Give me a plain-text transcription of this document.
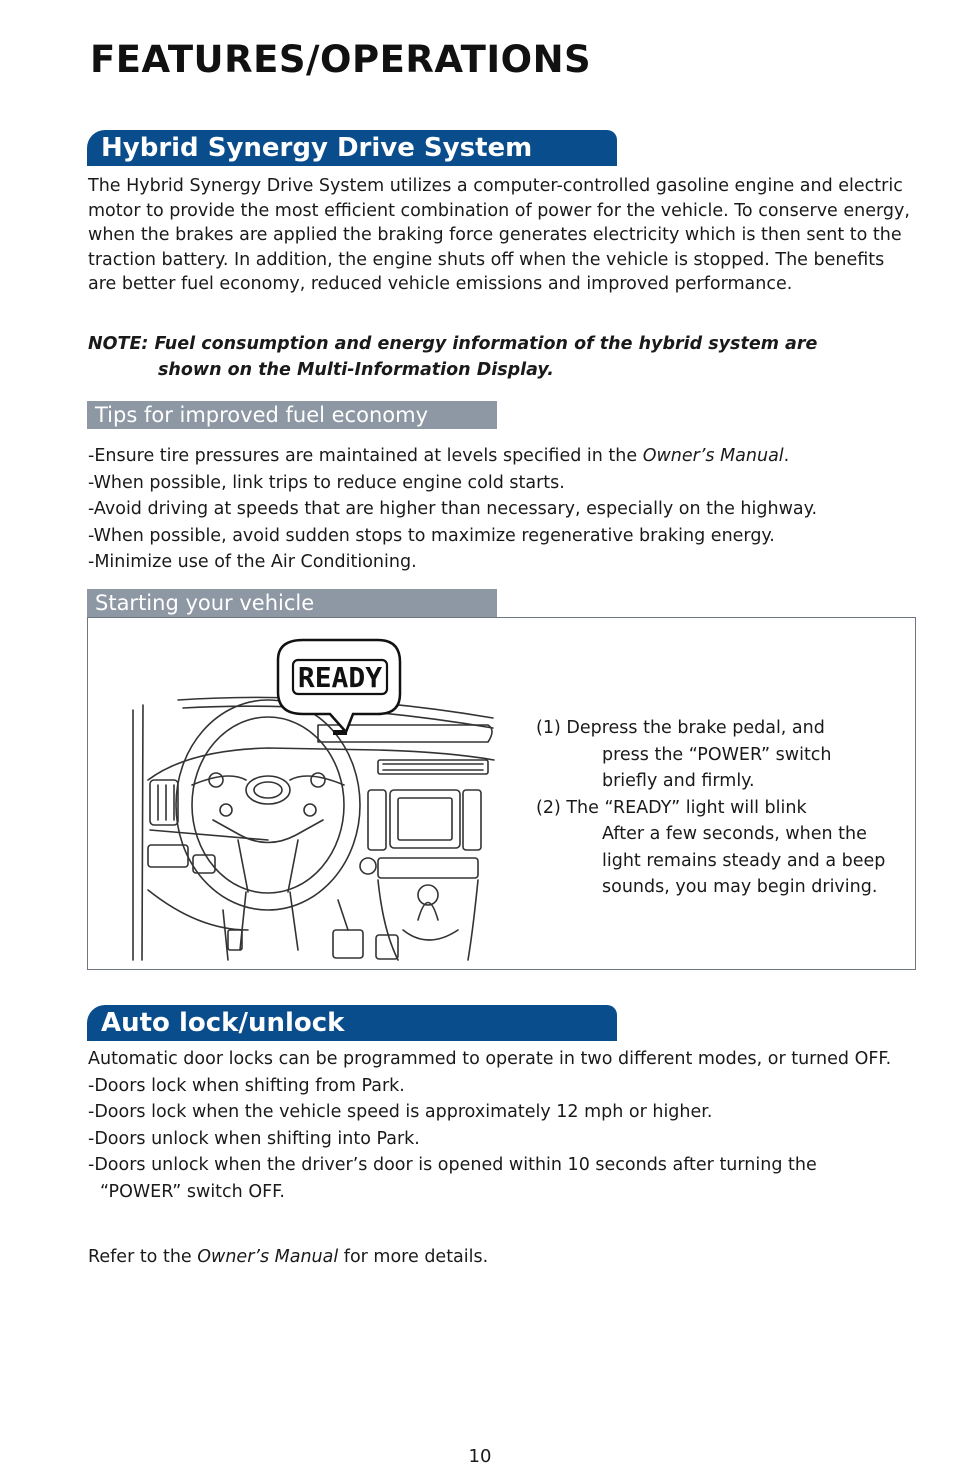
FEATURES/OPERATIONS
Hybrid Synergy Drive System

The Hybrid Synergy Drive System utilizes a computer-controlled gasoline engine and electric motor to provide the most efficient combination of power for the vehicle. To conserve energy, when the brakes are applied the braking force generates electricity which is then sent to the traction battery. In addition, the engine shuts off when the vehicle is stopped. The benefits are better fuel economy, reduced vehicle emissions and improved performance.

NOTE: Fuel consumption and energy information of the hybrid system are
shown on the Multi-Information Display.

Tips for improved fuel economy
-Ensure tire pressures are maintained at levels specified in the Owner’s Manual.
-When possible, link trips to reduce engine cold starts.
-Avoid driving at speeds that are higher than necessary, especially on the highway.
-When possible, avoid sudden stops to maximize regenerative braking energy.
-Minimize use of the Air Conditioning.
Starting your vehicle
READY
(1) Depress the brake pedal, and
press the “POWER” switch
briefly and firmly.
(2) The “READY” light will blink
After a few seconds, when the
light remains steady and a beep
sounds, you may begin driving.
Auto lock/unlock
Automatic door locks can be programmed to operate in two different modes, or turned OFF.
-Doors lock when shifting from Park.
-Doors lock when the vehicle speed is approximately 12 mph or higher.
-Doors unlock when shifting into Park.
-Doors unlock when the driver’s door is opened within 10 seconds after turning the
“POWER” switch OFF.

Refer to the Owner’s Manual for more details.

10
